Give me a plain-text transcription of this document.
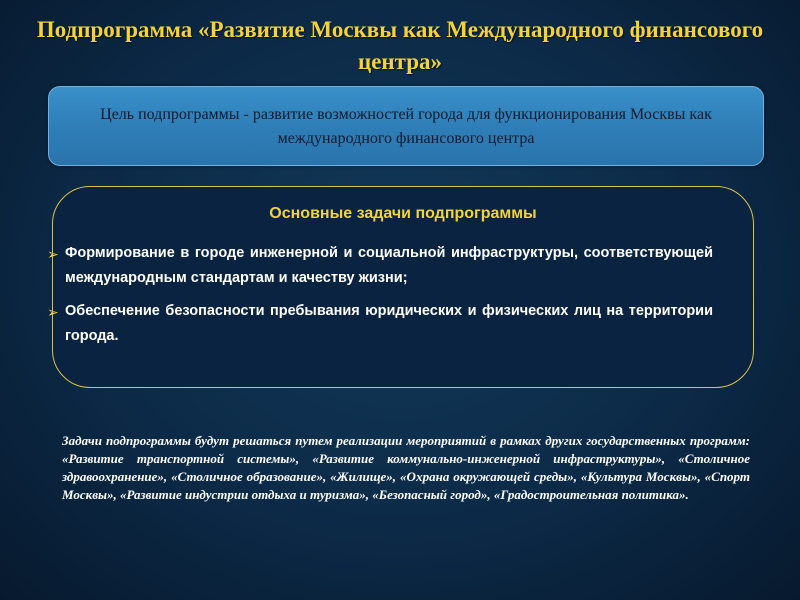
Подпрограмма «Развитие Москвы как Международного финансового центра»
Цель подпрограммы - развитие возможностей города для функционирования Москвы как международного финансового центра
Основные задачи подпрограммы
➢ Формирование в городе инженерной и социальной инфраструктуры, соответствующей международным стандартам и качеству жизни;
➢ Обеспечение безопасности пребывания юридических и физических лиц на территории города.
Задачи подпрограммы будут решаться путем реализации мероприятий в рамках других государственных программ: «Развитие транспортной системы», «Развитие коммунально-инженерной инфраструктуры», «Столичное здравоохранение», «Столичное образование», «Жилище», «Охрана окружающей среды», «Культура Москвы», «Спорт Москвы», «Развитие индустрии отдыха и туризма», «Безопасный город», «Градостроительная политика».
